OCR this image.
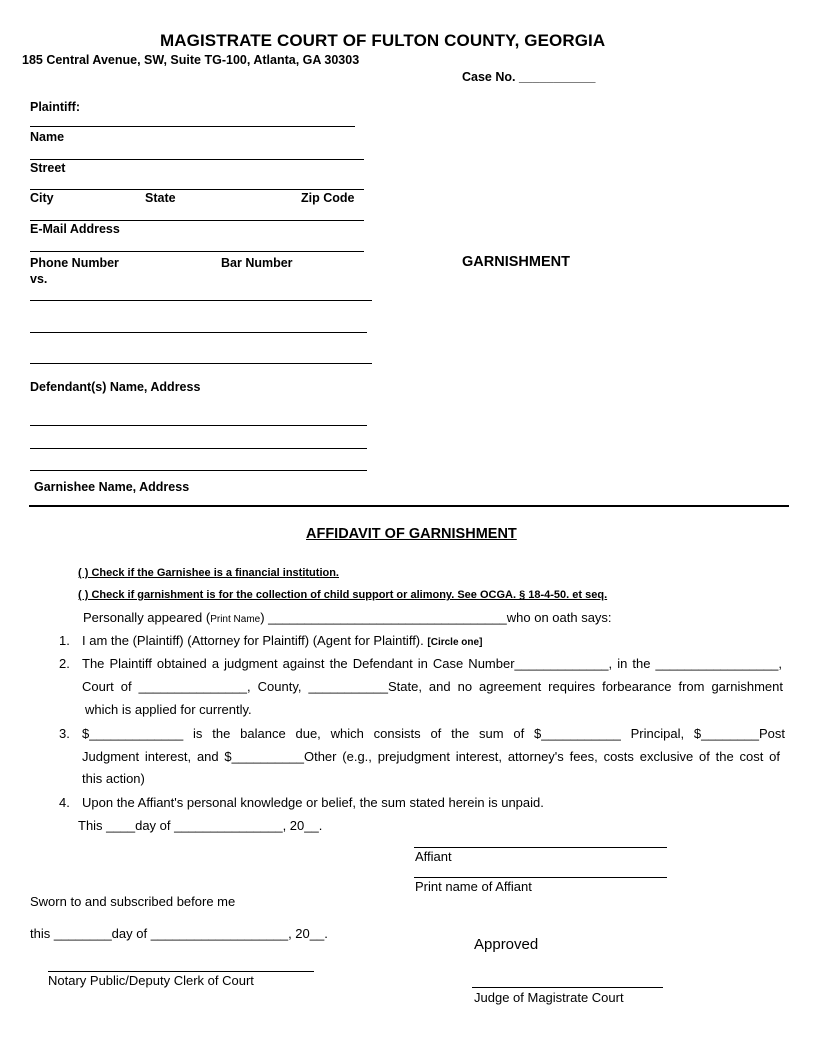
MAGISTRATE COURT OF FULTON COUNTY, GEORGIA
185 Central Avenue, SW, Suite TG-100, Atlanta, GA 30303
Case No. ___________
Plaintiff:
Name
Street
City	State	Zip Code
E-Mail Address
Phone Number	Bar Number
vs.
GARNISHMENT
Defendant(s) Name, Address
Garnishee Name, Address
AFFIDAVIT OF GARNISHMENT
( ) Check if the Garnishee is a financial institution.
( ) Check if garnishment is for the collection of child support or alimony. See OCGA. § 18-4-50. et seq.
Personally appeared (Print Name) _________________________________who on oath says:
1. I am the (Plaintiff) (Attorney for Plaintiff) (Agent for Plaintiff). [Circle one]
2. The Plaintiff obtained a judgment against the Defendant in Case Number_____________, in the _________________,
Court of _______________, County, ___________State, and no agreement requires forbearance from garnishment
which is applied for currently.
3. $_____________ is the balance due, which consists of the sum of $___________ Principal, $________Post
Judgment interest, and $__________Other (e.g., prejudgment interest, attorney's fees, costs exclusive of the cost of
this action)
4. Upon the Affiant's personal knowledge or belief, the sum stated herein is unpaid.
This ____day of _______________, 20__.
Affiant
Print name of Affiant
Sworn to and subscribed before me
this ________day of ___________________, 20__.
Approved
Notary Public/Deputy Clerk of Court
Judge of Magistrate Court
